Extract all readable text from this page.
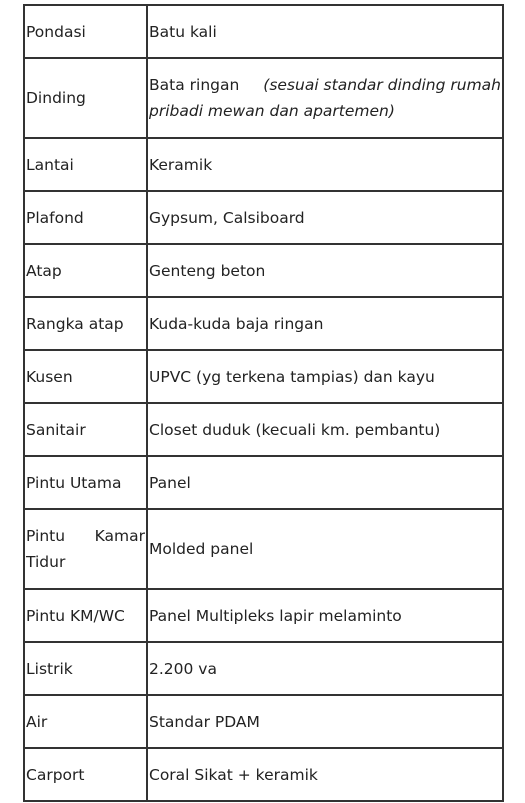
Pondasi	Batu kali
Dinding	Bata ringan (sesuai standar dinding rumah
pribadi mewan dan apartemen)

Lantai	Keramik
Plafond	Gypsum, Calsiboard
Atap	Genteng beton
Rangka atap	Kuda-kuda baja ringan
Kusen	UPVC (yg terkena tampias) dan kayu
Sanitair	Closet duduk (kecuali km. pembantu)
Pintu Utama	Panel

Pintu Kamar
Tidur	Molded panel
Pintu KM/WC	Panel Multipleks lapir melaminto
Listrik	2.200 va
Air	Standar PDAM
Carport	Coral Sikat + keramik
